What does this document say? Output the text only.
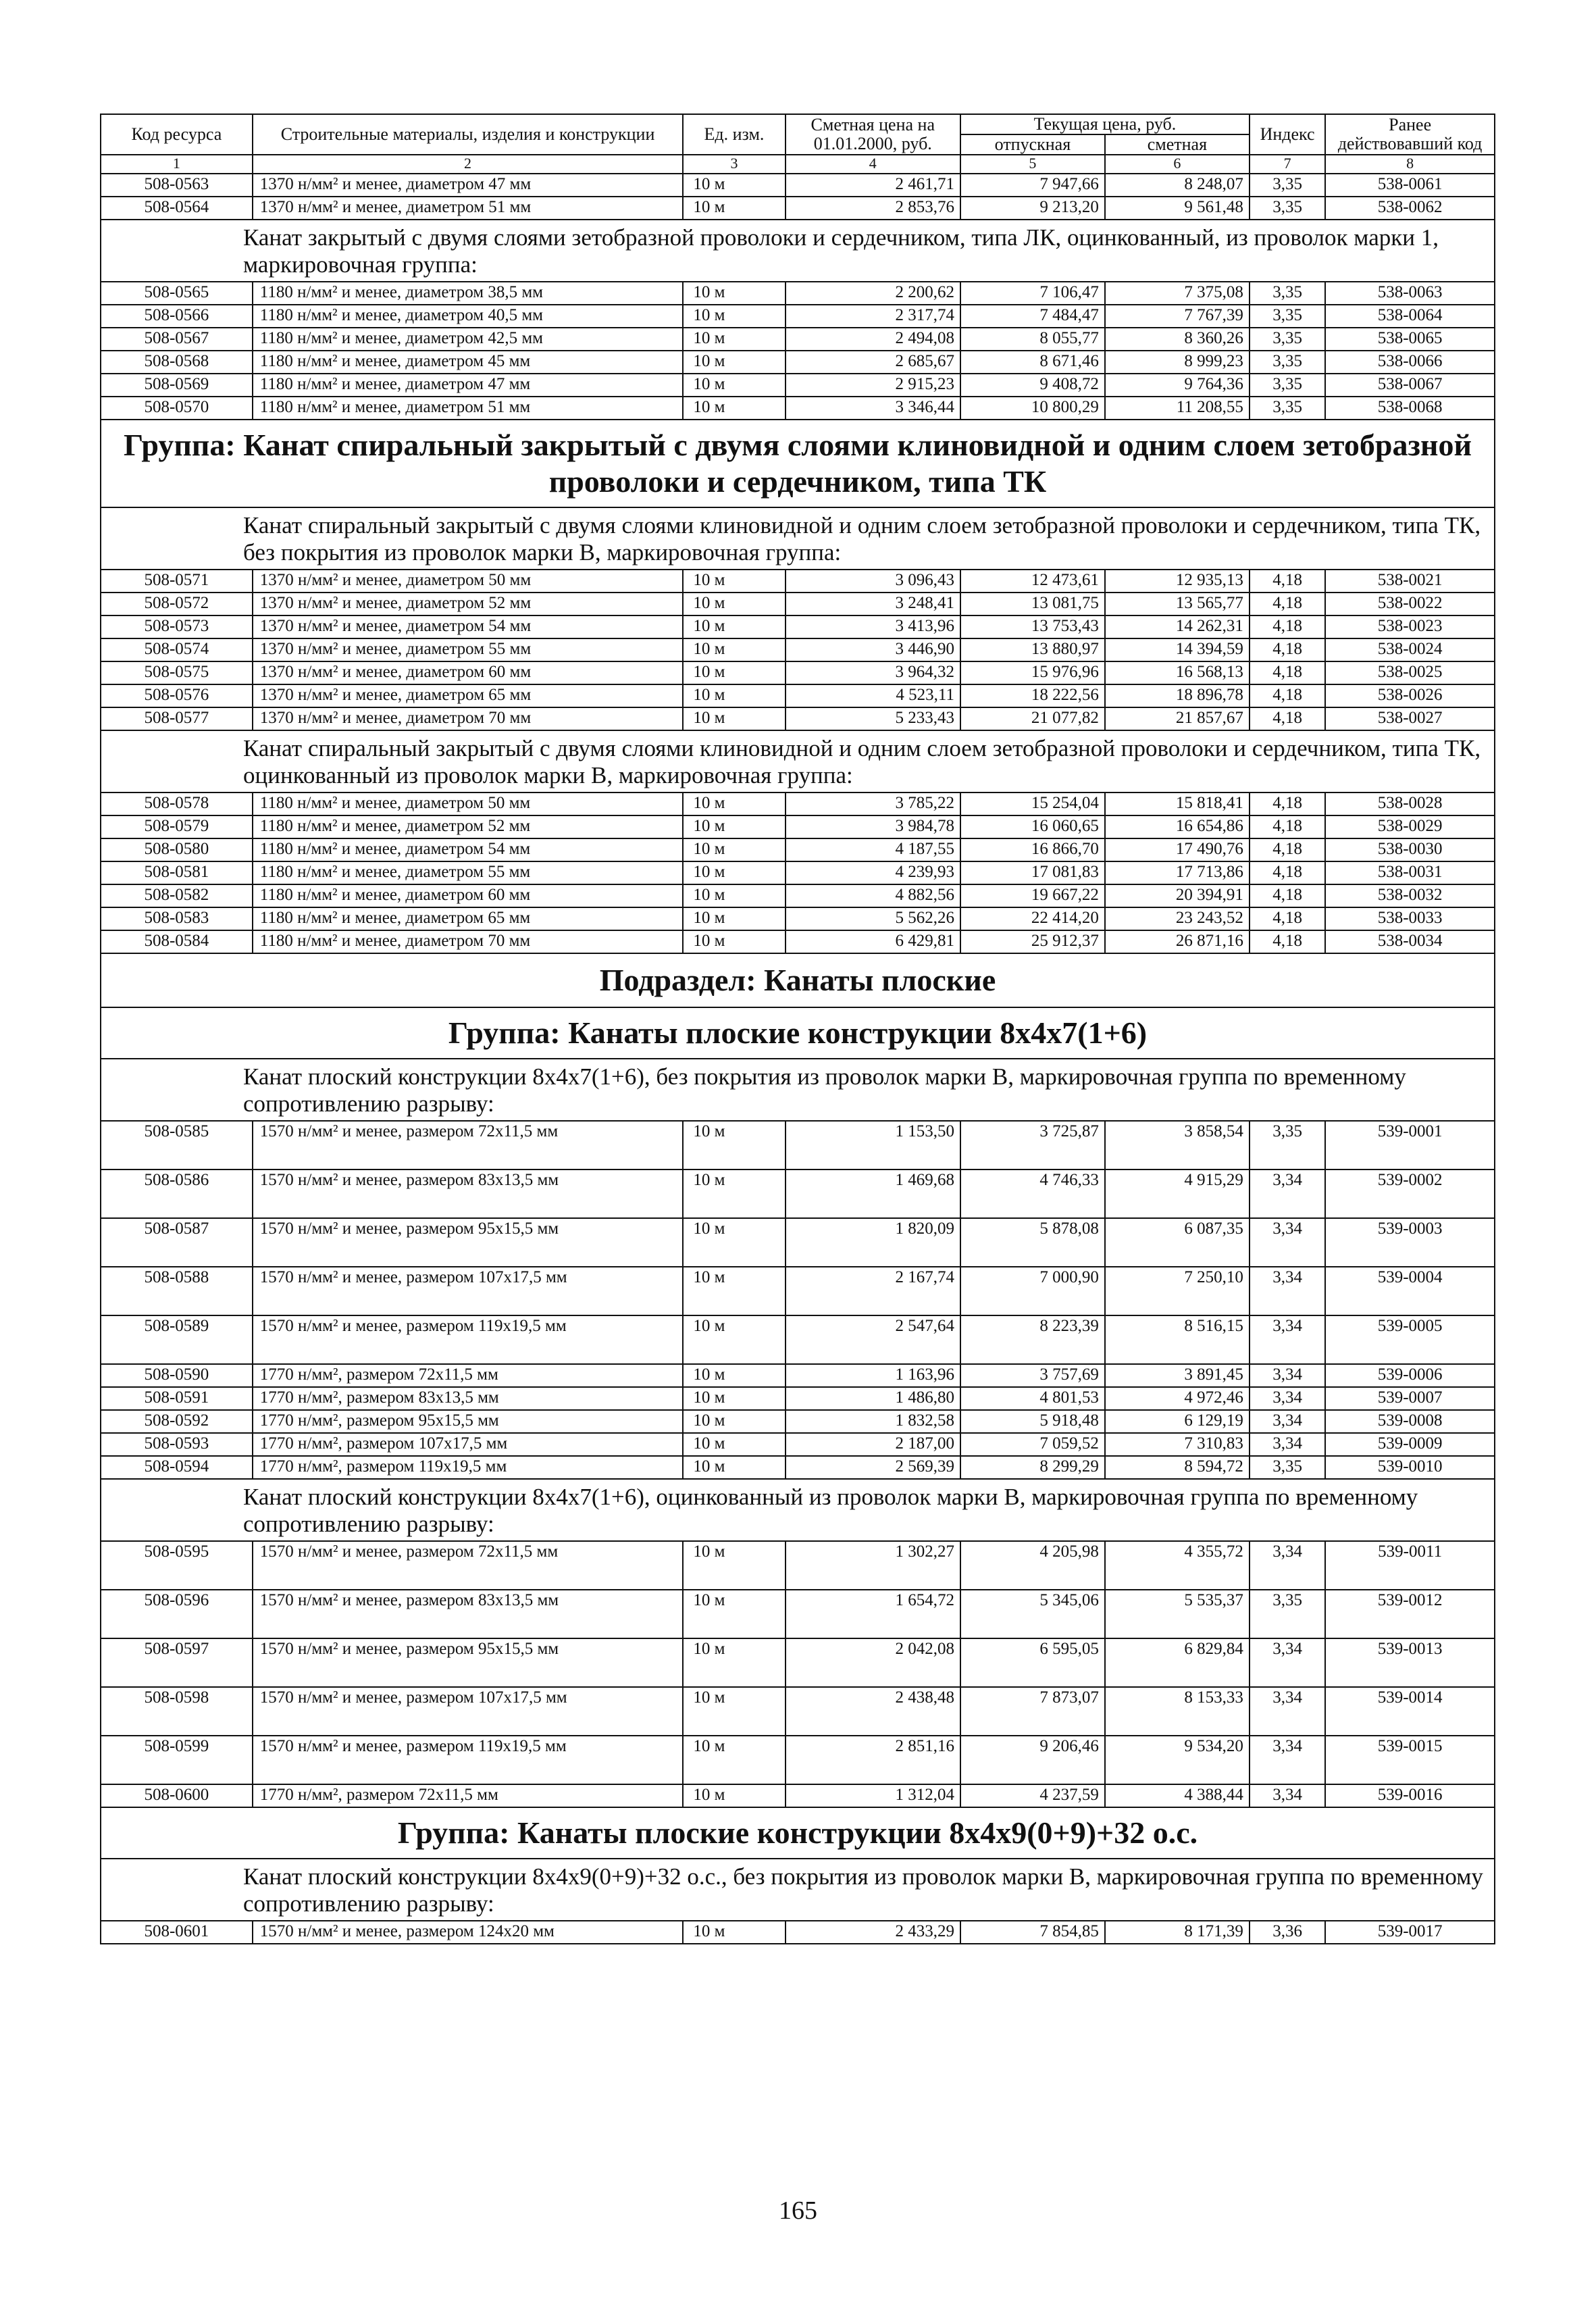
Код ресурса	Строительные материалы, изделия и конструкции	Ед. изм.	Сметная цена на 01.01.2000, руб.	Текущая цена, руб.		Индекс	Ранее действовавший код
				отпускная	сметная		
1	2	3	4	5	6	7	8
508-0563	1370 н/мм² и менее, диаметром 47 мм	10 м	2 461,71	7 947,66	8 248,07	3,35	538-0061
508-0564	1370 н/мм² и менее, диаметром 51 мм	10 м	2 853,76	9 213,20	9 561,48	3,35	538-0062
Канат закрытый с двумя слоями зетобразной проволоки и сердечником, типа ЛК, оцинкованный, из проволок марки 1, маркировочная группа:							
508-0565	1180 н/мм² и менее, диаметром 38,5 мм	10 м	2 200,62	7 106,47	7 375,08	3,35	538-0063
508-0566	1180 н/мм² и менее, диаметром 40,5 мм	10 м	2 317,74	7 484,47	7 767,39	3,35	538-0064
508-0567	1180 н/мм² и менее, диаметром 42,5 мм	10 м	2 494,08	8 055,77	8 360,26	3,35	538-0065
508-0568	1180 н/мм² и менее, диаметром 45 мм	10 м	2 685,67	8 671,46	8 999,23	3,35	538-0066
508-0569	1180 н/мм² и менее, диаметром 47 мм	10 м	2 915,23	9 408,72	9 764,36	3,35	538-0067
508-0570	1180 н/мм² и менее, диаметром 51 мм	10 м	3 346,44	10 800,29	11 208,55	3,35	538-0068
Группа: Канат спиральный закрытый с двумя слоями клиновидной и одним слоем зетобразной проволоки и сердечником, типа ТК							
Канат спиральный закрытый с двумя слоями клиновидной и одним слоем зетобразной проволоки и сердечником, типа ТК, без покрытия из проволок марки В, маркировочная группа:							
508-0571	1370 н/мм² и менее, диаметром 50 мм	10 м	3 096,43	12 473,61	12 935,13	4,18	538-0021
508-0572	1370 н/мм² и менее, диаметром 52 мм	10 м	3 248,41	13 081,75	13 565,77	4,18	538-0022
508-0573	1370 н/мм² и менее, диаметром 54 мм	10 м	3 413,96	13 753,43	14 262,31	4,18	538-0023
508-0574	1370 н/мм² и менее, диаметром 55 мм	10 м	3 446,90	13 880,97	14 394,59	4,18	538-0024
508-0575	1370 н/мм² и менее, диаметром 60 мм	10 м	3 964,32	15 976,96	16 568,13	4,18	538-0025
508-0576	1370 н/мм² и менее, диаметром 65 мм	10 м	4 523,11	18 222,56	18 896,78	4,18	538-0026
508-0577	1370 н/мм² и менее, диаметром 70 мм	10 м	5 233,43	21 077,82	21 857,67	4,18	538-0027
Канат спиральный закрытый с двумя слоями клиновидной и одним слоем зетобразной проволоки и сердечником, типа ТК, оцинкованный из проволок марки В, маркировочная группа:							
508-0578	1180 н/мм² и менее, диаметром 50 мм	10 м	3 785,22	15 254,04	15 818,41	4,18	538-0028
508-0579	1180 н/мм² и менее, диаметром 52 мм	10 м	3 984,78	16 060,65	16 654,86	4,18	538-0029
508-0580	1180 н/мм² и менее, диаметром 54 мм	10 м	4 187,55	16 866,70	17 490,76	4,18	538-0030
508-0581	1180 н/мм² и менее, диаметром 55 мм	10 м	4 239,93	17 081,83	17 713,86	4,18	538-0031
508-0582	1180 н/мм² и менее, диаметром 60 мм	10 м	4 882,56	19 667,22	20 394,91	4,18	538-0032
508-0583	1180 н/мм² и менее, диаметром 65 мм	10 м	5 562,26	22 414,20	23 243,52	4,18	538-0033
508-0584	1180 н/мм² и менее, диаметром 70 мм	10 м	6 429,81	25 912,37	26 871,16	4,18	538-0034
Подраздел: Канаты плоские							
Группа: Канаты плоские конструкции 8х4х7(1+6)							
Канат плоский конструкции 8х4х7(1+6), без покрытия из проволок марки В, маркировочная группа по временному сопротивлению разрыву:							
508-0585	1570 н/мм² и менее, размером 72х11,5 мм	10 м	1 153,50	3 725,87	3 858,54	3,35	539-0001
508-0586	1570 н/мм² и менее, размером 83х13,5 мм	10 м	1 469,68	4 746,33	4 915,29	3,34	539-0002
508-0587	1570 н/мм² и менее, размером 95х15,5 мм	10 м	1 820,09	5 878,08	6 087,35	3,34	539-0003
508-0588	1570 н/мм² и менее, размером 107х17,5 мм	10 м	2 167,74	7 000,90	7 250,10	3,34	539-0004
508-0589	1570 н/мм² и менее, размером 119х19,5 мм	10 м	2 547,64	8 223,39	8 516,15	3,34	539-0005
508-0590	1770 н/мм², размером 72х11,5 мм	10 м	1 163,96	3 757,69	3 891,45	3,34	539-0006
508-0591	1770 н/мм², размером 83х13,5 мм	10 м	1 486,80	4 801,53	4 972,46	3,34	539-0007
508-0592	1770 н/мм², размером 95х15,5 мм	10 м	1 832,58	5 918,48	6 129,19	3,34	539-0008
508-0593	1770 н/мм², размером 107х17,5 мм	10 м	2 187,00	7 059,52	7 310,83	3,34	539-0009
508-0594	1770 н/мм², размером 119х19,5 мм	10 м	2 569,39	8 299,29	8 594,72	3,35	539-0010
Канат плоский конструкции 8х4х7(1+6), оцинкованный из проволок марки В, маркировочная группа по временному сопротивлению разрыву:							
508-0595	1570 н/мм² и менее, размером 72х11,5 мм	10 м	1 302,27	4 205,98	4 355,72	3,34	539-0011
508-0596	1570 н/мм² и менее, размером 83х13,5 мм	10 м	1 654,72	5 345,06	5 535,37	3,35	539-0012
508-0597	1570 н/мм² и менее, размером 95х15,5 мм	10 м	2 042,08	6 595,05	6 829,84	3,34	539-0013
508-0598	1570 н/мм² и менее, размером 107х17,5 мм	10 м	2 438,48	7 873,07	8 153,33	3,34	539-0014
508-0599	1570 н/мм² и менее, размером 119х19,5 мм	10 м	2 851,16	9 206,46	9 534,20	3,34	539-0015
508-0600	1770 н/мм², размером 72х11,5 мм	10 м	1 312,04	4 237,59	4 388,44	3,34	539-0016
Группа: Канаты плоские конструкции 8х4х9(0+9)+32 о.с.							
Канат плоский конструкции 8х4х9(0+9)+32 о.с., без покрытия из проволок марки В, маркировочная группа по временному сопротивлению разрыву:							
508-0601	1570 н/мм² и менее, размером 124х20 мм	10 м	2 433,29	7 854,85	8 171,39	3,36	539-0017
165
